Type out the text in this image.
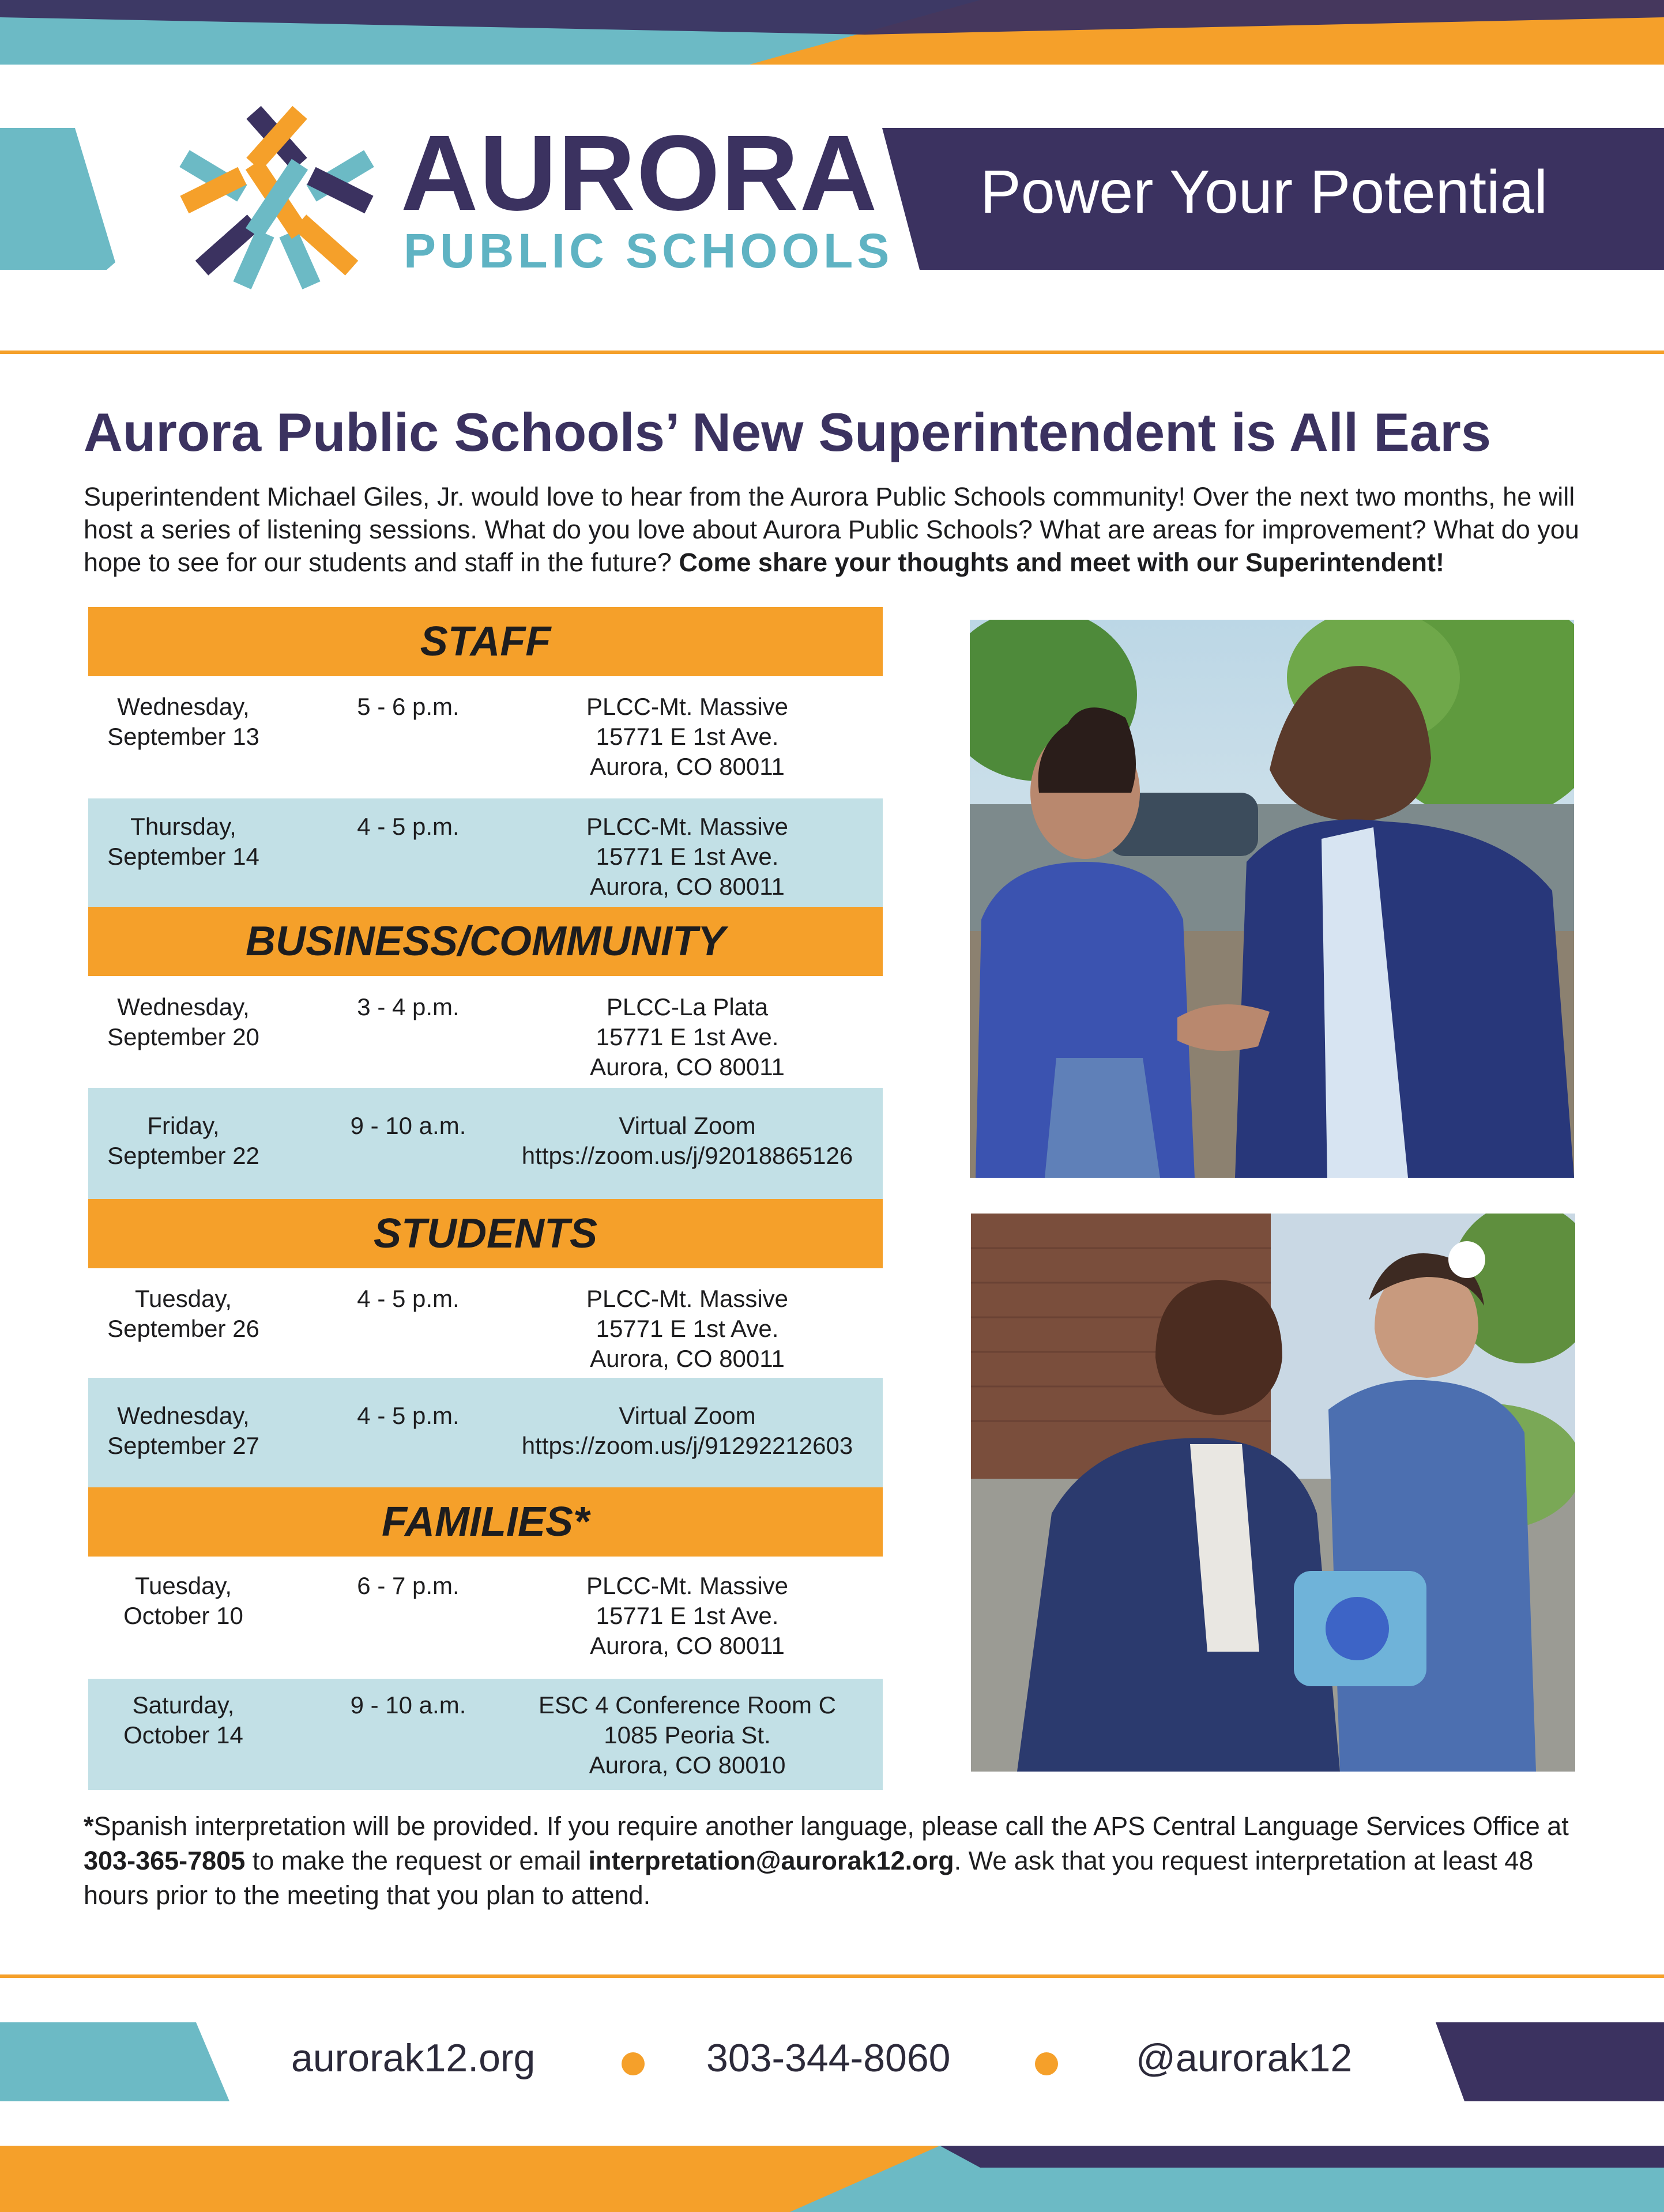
AURORA
PUBLIC SCHOOLS
Power Your Potential
Aurora Public Schools’ New Superintendent is All Ears
Superintendent Michael Giles, Jr. would love to hear from the Aurora Public Schools community! Over the next two months, he will host a series of listening sessions. What do you love about Aurora Public Schools? What are areas for improvement? What do you hope to see for our students and staff in the future? Come share your thoughts and meet with our Superintendent!
STAFF
Wednesday,
September 13
5 - 6 p.m.	PLCC-Mt. Massive
15771 E 1st Ave.
Aurora, CO 80011
Thursday,
September 14
4 - 5 p.m.	PLCC-Mt. Massive
15771 E 1st Ave.
Aurora, CO 80011
BUSINESS/COMMUNITY
Wednesday,
September 20
3 - 4 p.m.	PLCC-La Plata
15771 E 1st Ave.
Aurora, CO 80011
Friday,
September 22
9 - 10 a.m.	Virtual Zoom
https://zoom.us/j/92018865126
STUDENTS
Tuesday,
September 26
4 - 5 p.m.	PLCC-Mt. Massive
15771 E 1st Ave.
Aurora, CO 80011
Wednesday,
September 27
4 - 5 p.m.	Virtual Zoom
https://zoom.us/j/91292212603
FAMILIES*
Tuesday,
October 10
6 - 7 p.m.	PLCC-Mt. Massive
15771 E 1st Ave.
Aurora, CO 80011
Saturday,
October 14
9 - 10 a.m.	ESC 4 Conference Room C
1085 Peoria St.
Aurora, CO 80010
*Spanish interpretation will be provided. If you require another language, please call the APS Central Language Services Office at 303-365-7805 to make the request or email interpretation@aurorak12.org. We ask that you request interpretation at least 48 hours prior to the meeting that you plan to attend.
aurorak12.org	303-344-8060	@aurorak12
